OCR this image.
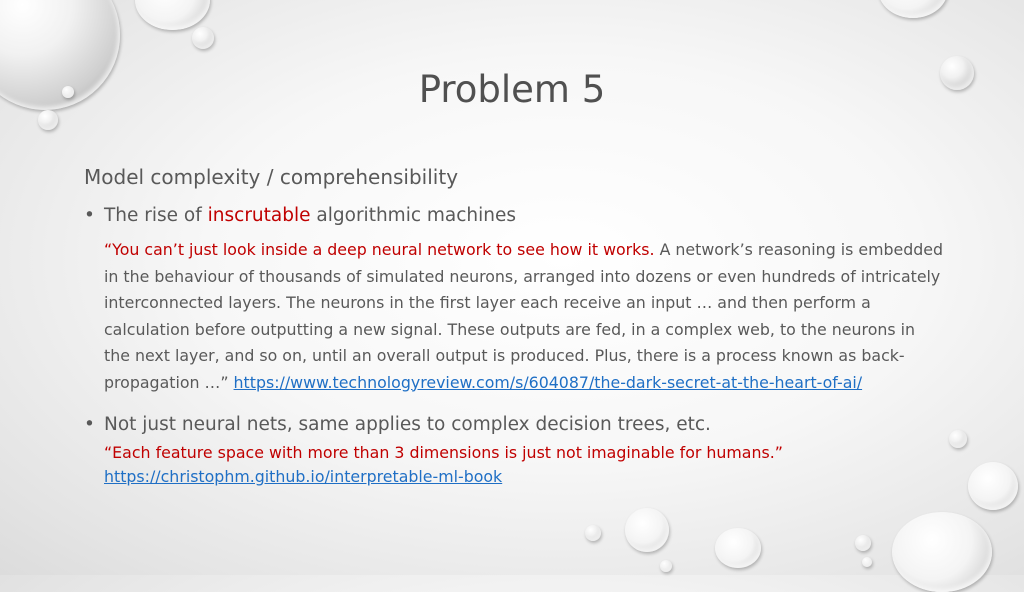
Problem 5
Model complexity / comprehensibility
• The rise of inscrutable algorithmic machines
“You can’t just look inside a deep neural network to see how it works. A network’s reasoning is embedded in the behaviour of thousands of simulated neurons, arranged into dozens or even hundreds of intricately interconnected layers. The neurons in the first layer each receive an input … and then perform a calculation before outputting a new signal. These outputs are fed, in a complex web, to the neurons in the next layer, and so on, until an overall output is produced. Plus, there is a process known as back-propagation …” https://www.technologyreview.com/s/604087/the-dark-secret-at-the-heart-of-ai/
• Not just neural nets, same applies to complex decision trees, etc.
“Each feature space with more than 3 dimensions is just not imaginable for humans.”
https://christophm.github.io/interpretable-ml-book
